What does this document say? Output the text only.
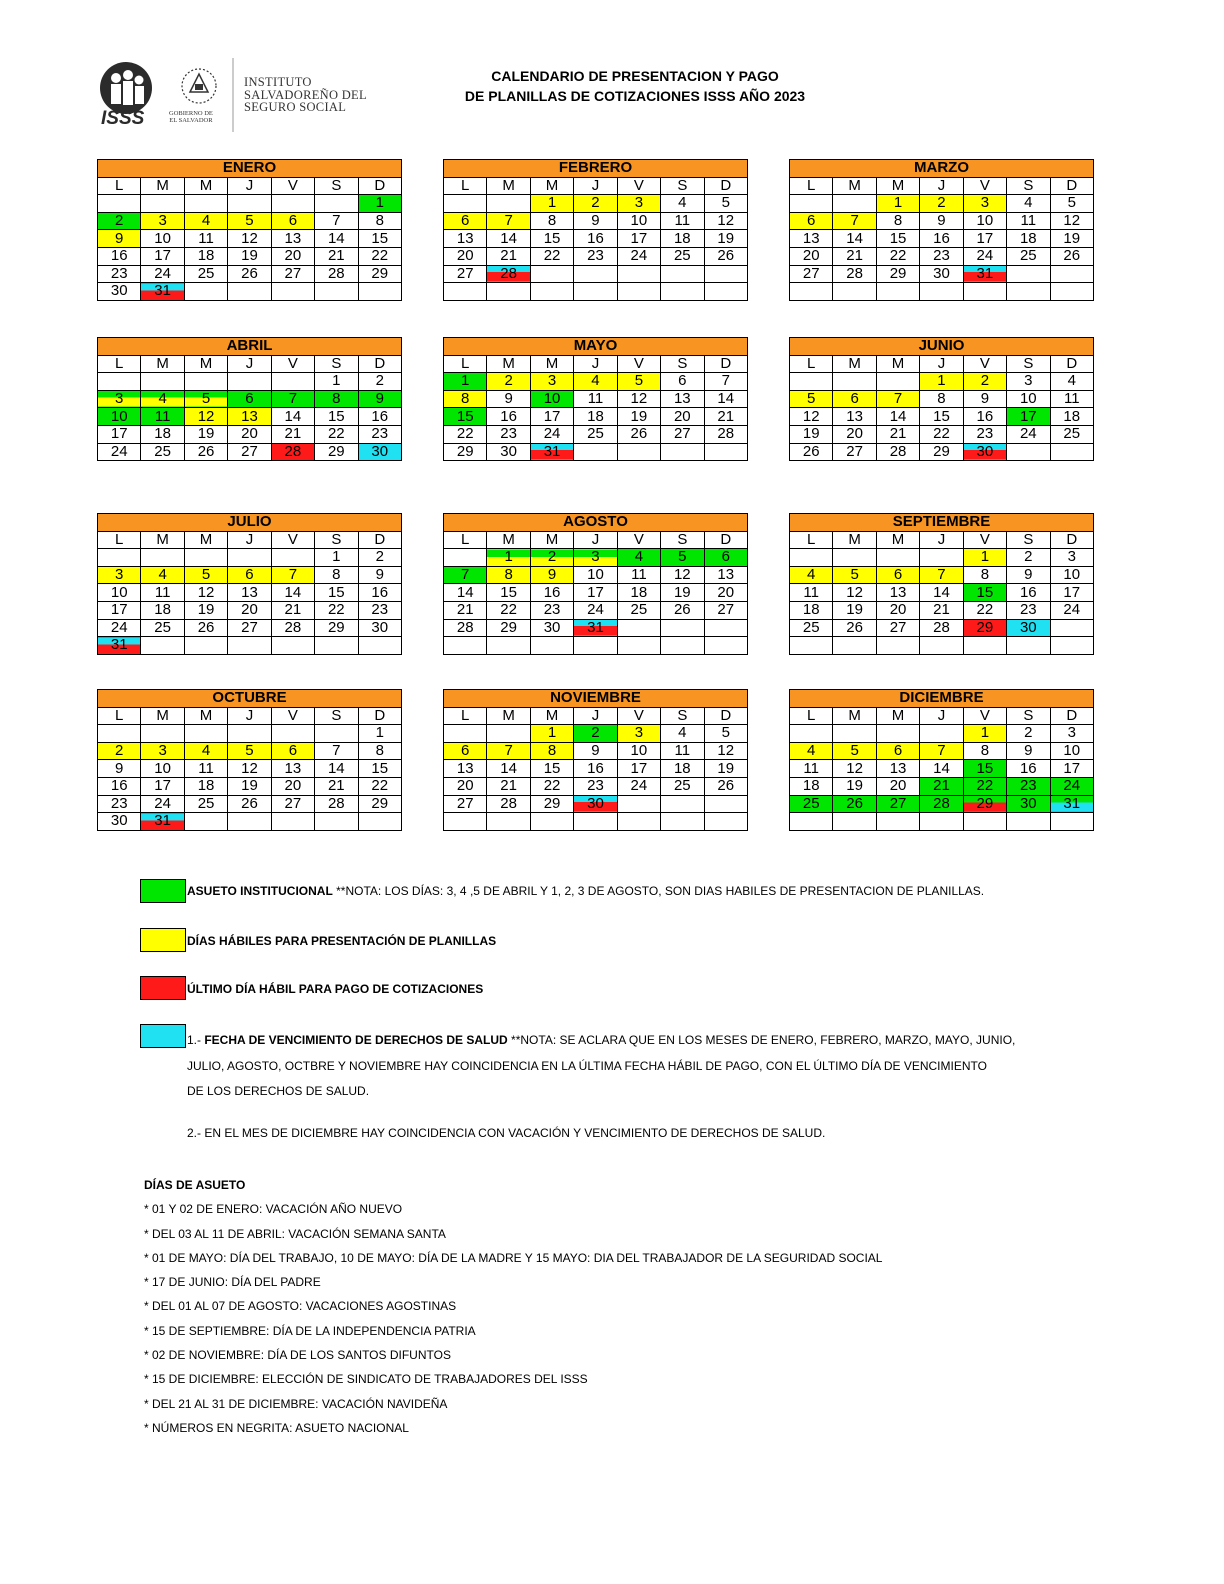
ISSS	GOBIERNO DE
EL SALVADOR
INSTITUTO
SALVADOREÑO DEL
SEGURO SOCIAL
CALENDARIO DE PRESENTACION Y PAGO
DE PLANILLAS DE COTIZACIONES ISSS AÑO 2023
ENERO						
L	M	M	J	V	S	D
						1
2	3	4	5	6	7	8
9	10	11	12	13	14	15
16	17	18	19	20	21	22
23	24	25	26	27	28	29
30	31					
FEBRERO						
L	M	M	J	V	S	D
		1	2	3	4	5
6	7	8	9	10	11	12
13	14	15	16	17	18	19
20	21	22	23	24	25	26
27	28					

MARZO						
L	M	M	J	V	S	D
		1	2	3	4	5
6	7	8	9	10	11	12
13	14	15	16	17	18	19
20	21	22	23	24	25	26
27	28	29	30	31		

ABRIL						
L	M	M	J	V	S	D
					1	2
3	4	5	6	7	8	9
10	11	12	13	14	15	16
17	18	19	20	21	22	23
24	25	26	27	28	29	30
MAYO						
L	M	M	J	V	S	D
1	2	3	4	5	6	7
8	9	10	11	12	13	14
15	16	17	18	19	20	21
22	23	24	25	26	27	28
29	30	31				
JUNIO						
L	M	M	J	V	S	D
			1	2	3	4
5	6	7	8	9	10	11
12	13	14	15	16	17	18
19	20	21	22	23	24	25
26	27	28	29	30		
JULIO						
L	M	M	J	V	S	D
					1	2
3	4	5	6	7	8	9
10	11	12	13	14	15	16
17	18	19	20	21	22	23
24	25	26	27	28	29	30
31						
AGOSTO						
L	M	M	J	V	S	D
	1	2	3	4	5	6
7	8	9	10	11	12	13
14	15	16	17	18	19	20
21	22	23	24	25	26	27
28	29	30	31			

SEPTIEMBRE						
L	M	M	J	V	S	D
				1	2	3
4	5	6	7	8	9	10
11	12	13	14	15	16	17
18	19	20	21	22	23	24
25	26	27	28	29	30	

OCTUBRE						
L	M	M	J	V	S	D
						1
2	3	4	5	6	7	8
9	10	11	12	13	14	15
16	17	18	19	20	21	22
23	24	25	26	27	28	29
30	31					
NOVIEMBRE						
L	M	M	J	V	S	D
		1	2	3	4	5
6	7	8	9	10	11	12
13	14	15	16	17	18	19
20	21	22	23	24	25	26
27	28	29	30			

DICIEMBRE						
L	M	M	J	V	S	D
				1	2	3
4	5	6	7	8	9	10
11	12	13	14	15	16	17
18	19	20	21	22	23	24
25	26	27	28	29	30	31

ASUETO INSTITUCIONAL **NOTA: LOS DÍAS: 3, 4 ,5 DE ABRIL Y 1, 2, 3 DE AGOSTO, SON DIAS HABILES DE PRESENTACION DE PLANILLAS.
DÍAS HÁBILES PARA PRESENTACIÓN DE PLANILLAS
ÚLTIMO DÍA HÁBIL PARA PAGO DE COTIZACIONES
1.- FECHA DE VENCIMIENTO DE DERECHOS DE SALUD **NOTA: SE ACLARA QUE EN LOS MESES DE ENERO, FEBRERO, MARZO, MAYO, JUNIO,
JULIO, AGOSTO, OCTBRE Y NOVIEMBRE HAY COINCIDENCIA EN LA ÚLTIMA FECHA HÁBIL DE PAGO, CON EL ÚLTIMO DÍA DE VENCIMIENTO
DE LOS DERECHOS DE SALUD.
2.- EN EL MES DE DICIEMBRE HAY COINCIDENCIA CON VACACIÓN Y VENCIMIENTO DE DERECHOS DE SALUD.
DÍAS DE ASUETO
* 01 Y 02 DE ENERO: VACACIÓN AÑO NUEVO
* DEL 03 AL 11 DE ABRIL: VACACIÓN SEMANA SANTA
* 01 DE MAYO: DÍA DEL TRABAJO, 10 DE MAYO: DÍA DE LA MADRE Y 15 MAYO: DIA DEL TRABAJADOR DE LA SEGURIDAD SOCIAL
* 17 DE JUNIO: DÍA DEL PADRE
* DEL 01 AL 07 DE AGOSTO: VACACIONES AGOSTINAS
* 15 DE SEPTIEMBRE: DÍA DE LA INDEPENDENCIA PATRIA
* 02 DE NOVIEMBRE: DÍA DE LOS SANTOS DIFUNTOS
* 15 DE DICIEMBRE: ELECCIÓN DE SINDICATO DE TRABAJADORES DEL ISSS
* DEL 21 AL 31 DE DICIEMBRE: VACACIÓN NAVIDEÑA
* NÚMEROS EN NEGRITA: ASUETO NACIONAL
